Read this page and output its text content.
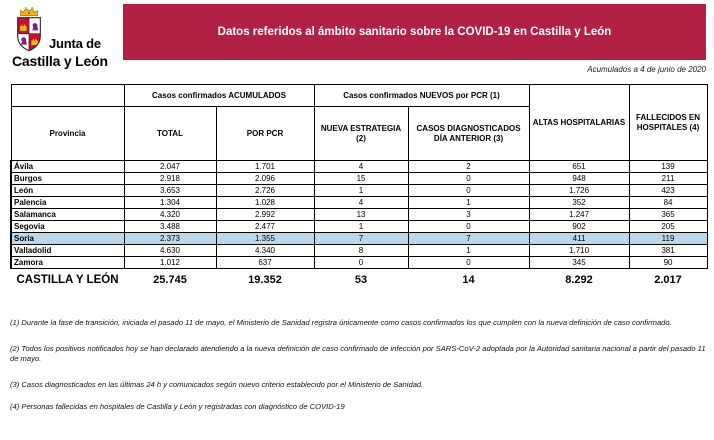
Junta de
Castilla y León
Datos referidos al ámbito sanitario sobre la COVID-19 en Castilla y León
Acumulados a 4 de junio de 2020
	Casos confirmados ACUMULADOS		Casos confirmados NUEVOS por PCR (1)		ALTAS HOSPITALARIAS	FALLECIDOS EN HOSPITALES (4)
Provincia	TOTAL	POR PCR	NUEVA ESTRATEGIA (2)	CASOS DIAGNOSTICADOS DÍA ANTERIOR (3)		
Ávila	2.047	1.701	4	2	651	139
Burgos	2.918	2.096	15	0	948	211
León	3.653	2.726	1	0	1.726	423
Palencia	1.304	1.028	4	1	352	84
Salamanca	4.320	2.992	13	3	1.247	365
Segovia	3.488	2.477	1	0	902	205
Soria	2.373	1.355	7	7	411	119
Valladolid	4.630	4.340	8	1	1.710	381
Zamora	1.012	637	0	0	345	90
CASTILLA Y LEÓN	25.745	19.352	53	14	8.292	2.017

(1) Durante la fase de transición, iniciada el pasado 11 de mayo, el Ministerio de Sanidad registra únicamente como casos confirmados los que cumplen con la nueva definición de caso confirmado.

(2) Todos los positivos notificados hoy se han declarado atendiendo a la nueva definición de caso confirmado de infección por SARS-CoV-2 adoptada por la Autoridad sanitaria nacional a partir del pasado 11 de mayo.

(3) Casos diagnosticados en las últimas 24 h y comunicados según nuevo criterio establecido por el Ministerio de Sanidad.

(4) Personas fallecidas en hospitales de Castilla y León y registradas con diagnóstico de COVID-19
